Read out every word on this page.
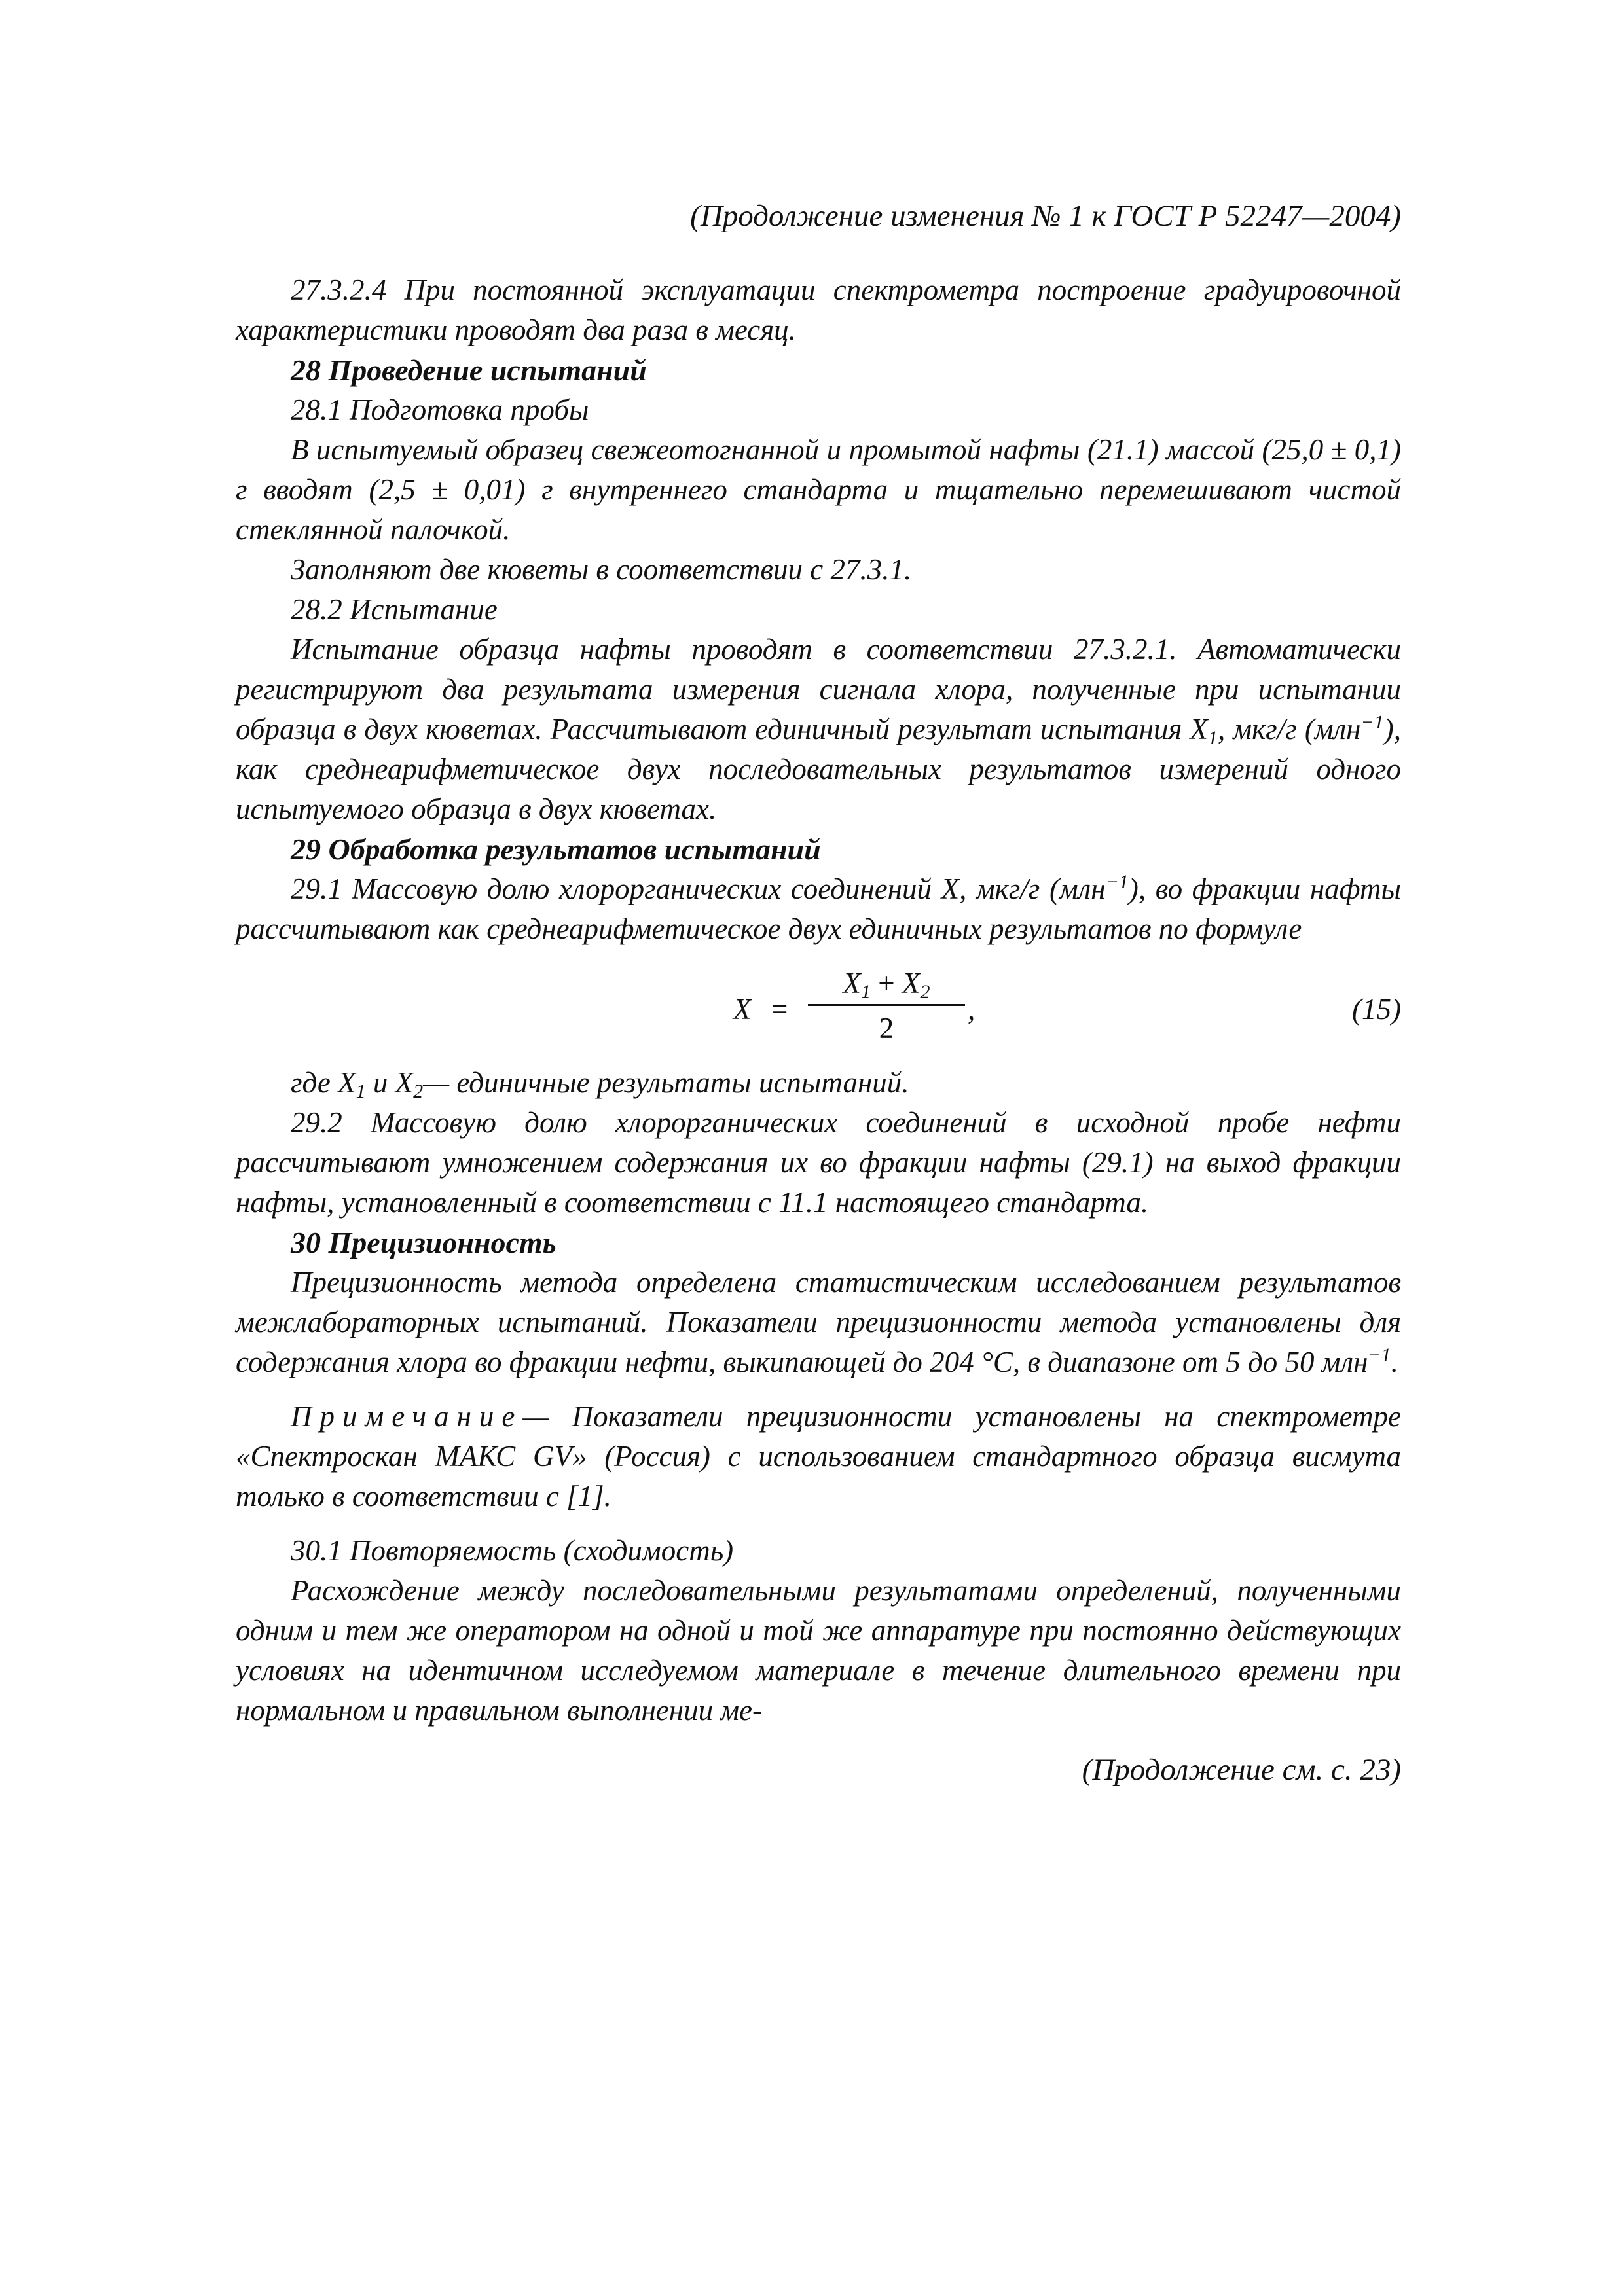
(Продолжение изменения № 1 к ГОСТ Р 52247—2004)

27.3.2.4 При постоянной эксплуатации спектрометра построение градуировочной характеристики проводят два раза в месяц.

28 Проведение испытаний

28.1 Подготовка пробы

В испытуемый образец свежеотогнанной и промытой нафты (21.1) массой (25,0 ± 0,1) г вводят (2,5 ± 0,01) г внутреннего стандарта и тщательно перемешивают чистой стеклянной палочкой.

Заполняют две кюветы в соответствии с 27.3.1.

28.2 Испытание

Испытание образца нафты проводят в соответствии 27.3.2.1. Автоматически регистрируют два результата измерения сигнала хлора, полученные при испытании образца в двух кюветах. Рассчитывают единичный результат испытания $X_1$, мкг/г (млн$^{-1}$), как среднеарифметическое двух последовательных результатов измерений одного испытуемого образца в двух кюветах.

29 Обработка результатов испытаний

29.1 Массовую долю хлорорганических соединений X, мкг/г (млн$^{-1}$), во фракции нафты рассчитывают как среднеарифметическое двух единичных результатов по формуле

X =
$X_1 + X_2$
2
,	(15)

где $X_1$ и $X_2—$ единичные результаты испытаний.

29.2 Массовую долю хлорорганических соединений в исходной пробе нефти рассчитывают умножением содержания их во фракции нафты (29.1) на выход фракции нафты, установленный в соответствии с 11.1 настоящего стандарта.

30 Прецизионность

Прецизионность метода определена статистическим исследованием результатов межлабораторных испытаний. Показатели прецизионности метода установлены для содержания хлора во фракции нефти, выкипающей до 204 °С, в диапазоне от 5 до 50 млн$^{-1}$.

Примечание— Показатели прецизионности установлены на спектрометре «Спектроскан МАКС GV» (Россия) с использованием стандартного образца висмута только в соответствии с [1].

30.1 Повторяемость (сходимость)

Расхождение между последовательными результатами определений, полученными одним и тем же оператором на одной и той же аппаратуре при постоянно действующих условиях на идентичном исследуемом материале в течение длительного времени при нормальном и правильном выполнении ме-

(Продолжение см. с. 23)
